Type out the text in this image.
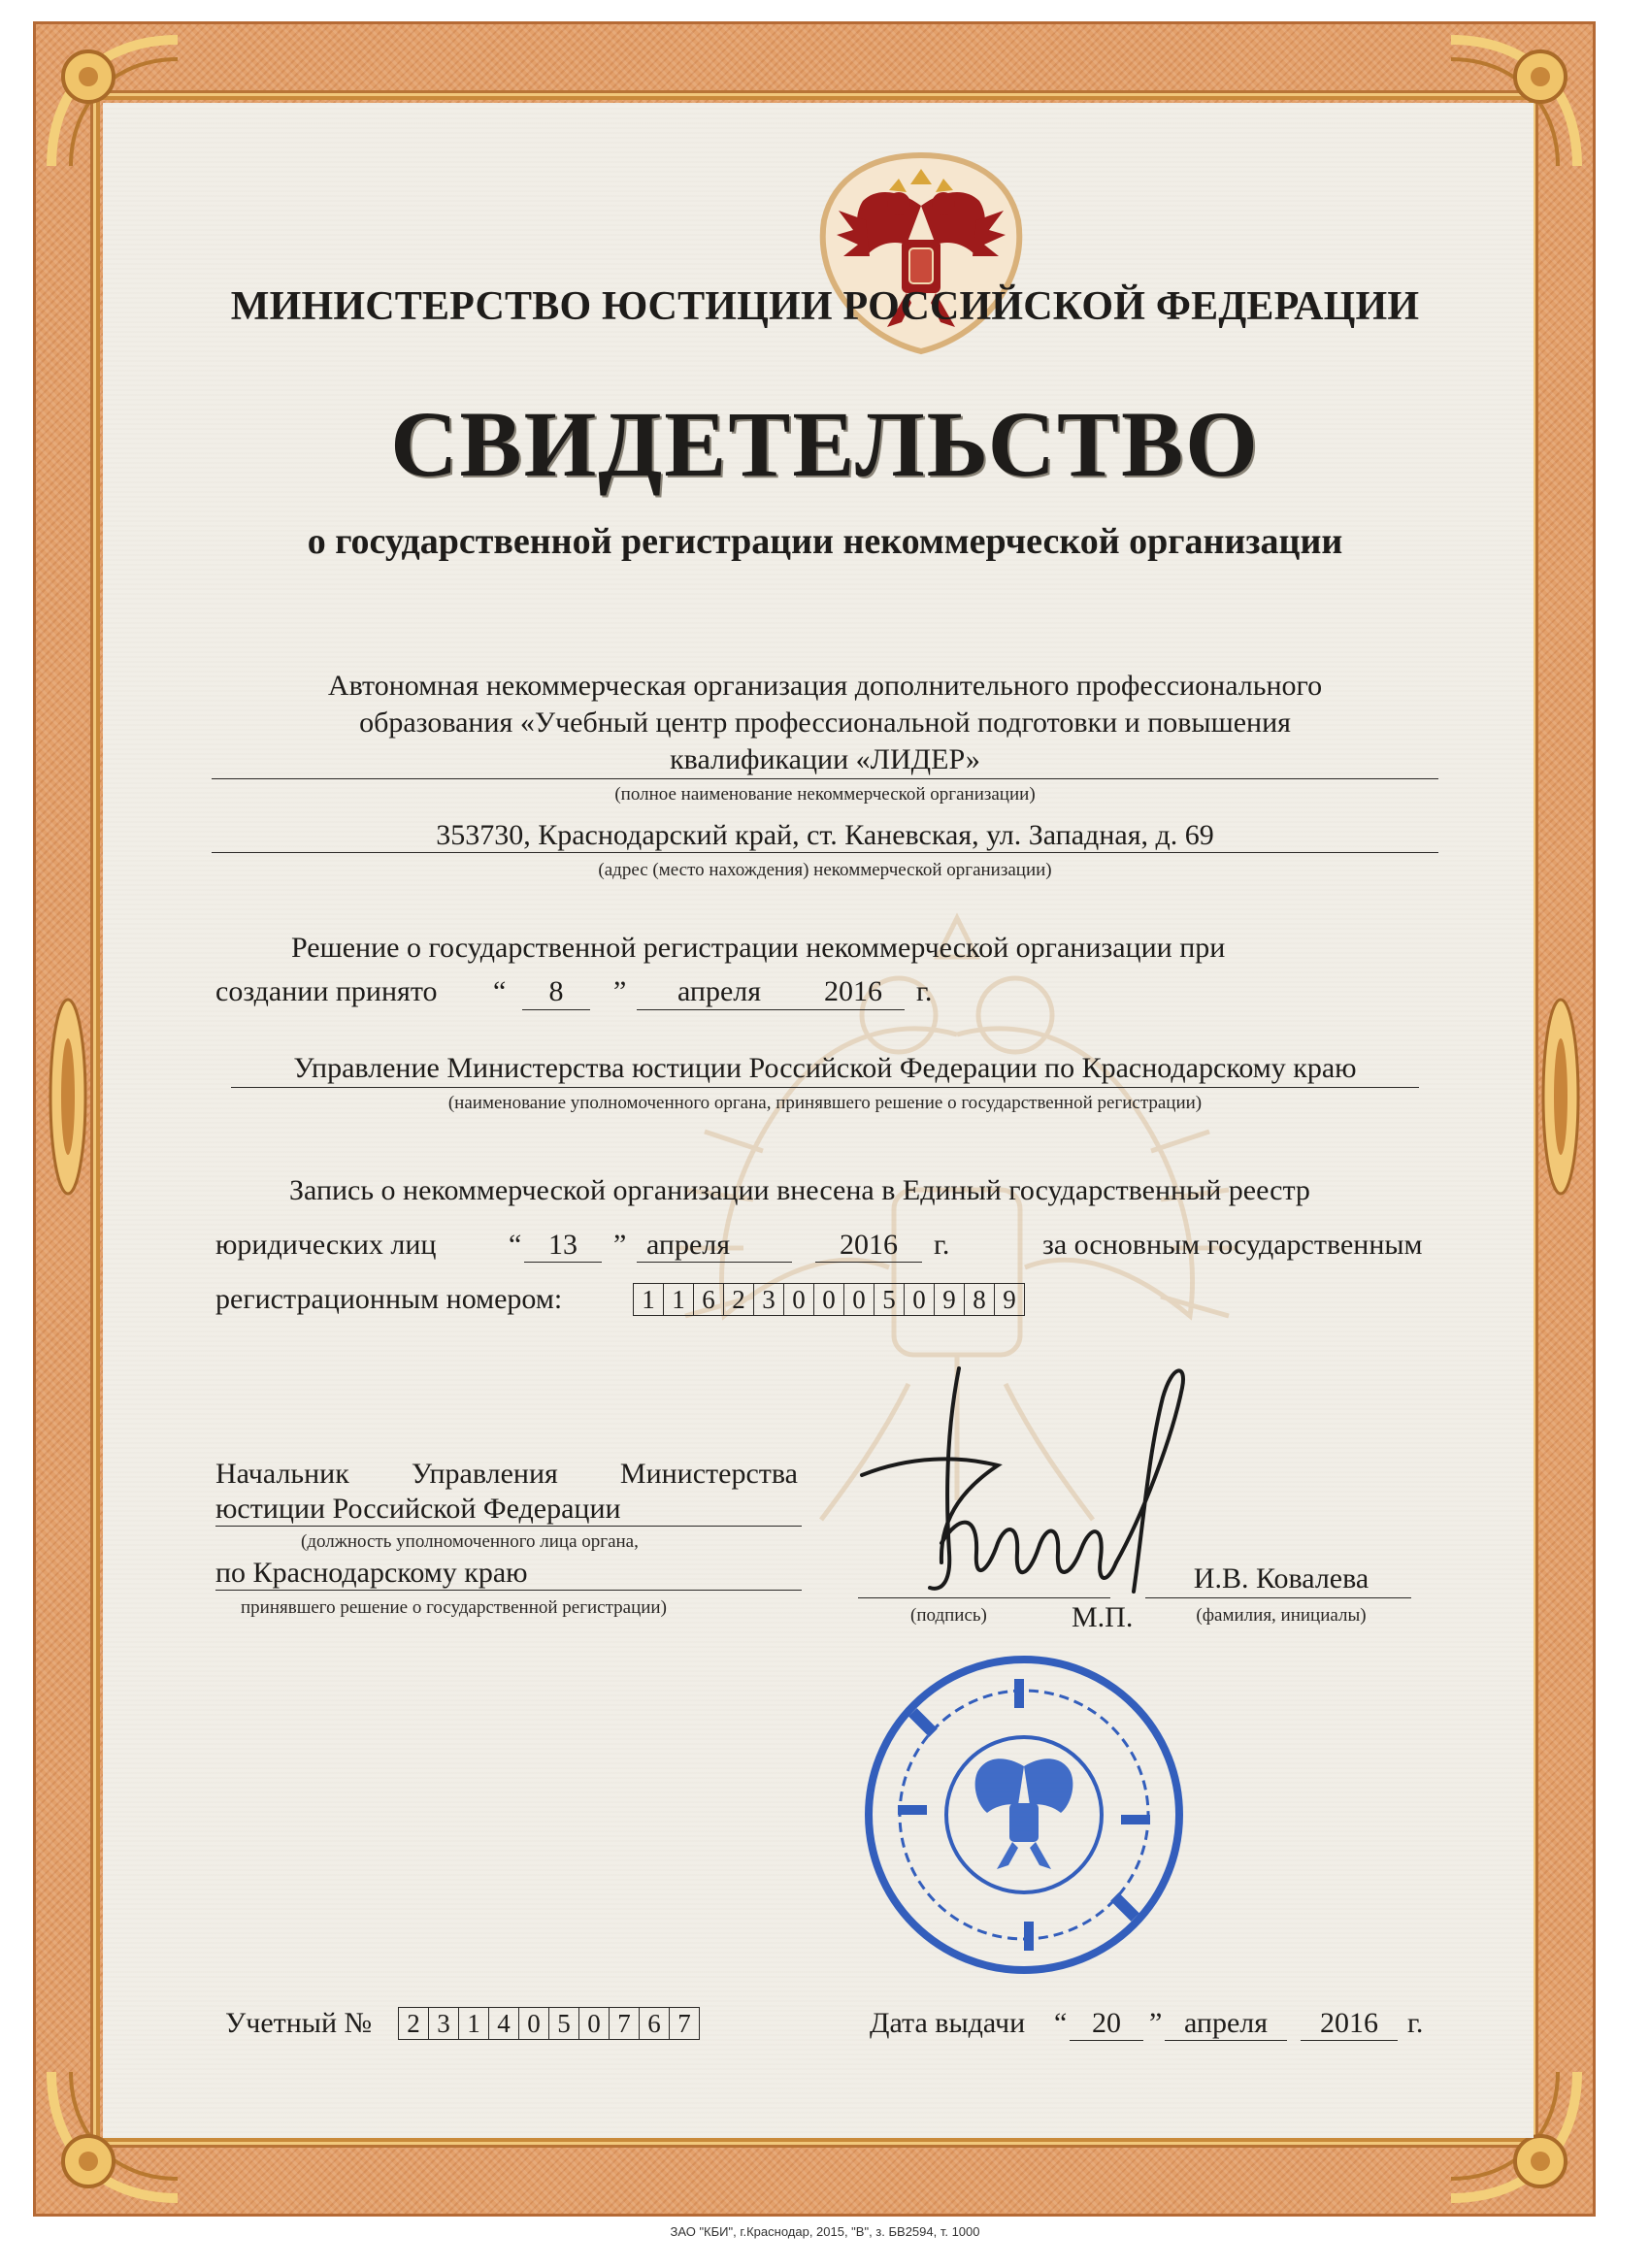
МИНИСТЕРСТВО ЮСТИЦИИ РОССИЙСКОЙ ФЕДЕРАЦИИ
СВИДЕТЕЛЬСТВО
о государственной регистрации некоммерческой организации
Автономная некоммерческая организация дополнительного профессионального
образования «Учебный центр профессиональной подготовки и повышения
квалификации «ЛИДЕР»
(полное наименование некоммерческой организации)
353730, Краснодарский край, ст. Каневская, ул. Западная, д. 69
(адрес (место нахождения) некоммерческой организации)
Решение о государственной регистрации некоммерческой организации при
создании принято “	8	”	апреля	2016	г.
Управление Министерства юстиции Российской Федерации по Краснодарскому краю
(наименование уполномоченного органа, принявшего решение о государственной регистрации)
Запись о некоммерческой организации внесена в Единый государственный реестр
юридических лиц “ 13	” апреля	2016	г.	за основным государственным
регистрационным номером:	1 1 6 2 3 0 0 0 5 0 9 8 9
Начальник Управления Министерства
юстиции Российской Федерации
(должность уполномоченного лица органа,
по Краснодарскому краю
принявшего решение о государственной регистрации)	(подпись)	М.П.
И.В. Ковалева
(фамилия, инициалы)
Учетный №	2 3 1 4 0 5 0 7 6 7	Дата выдачи “ 20 ” апреля	2016	г.
ЗАО "КБИ", г.Краснодар, 2015, "В", з. БВ2594, т. 1000
